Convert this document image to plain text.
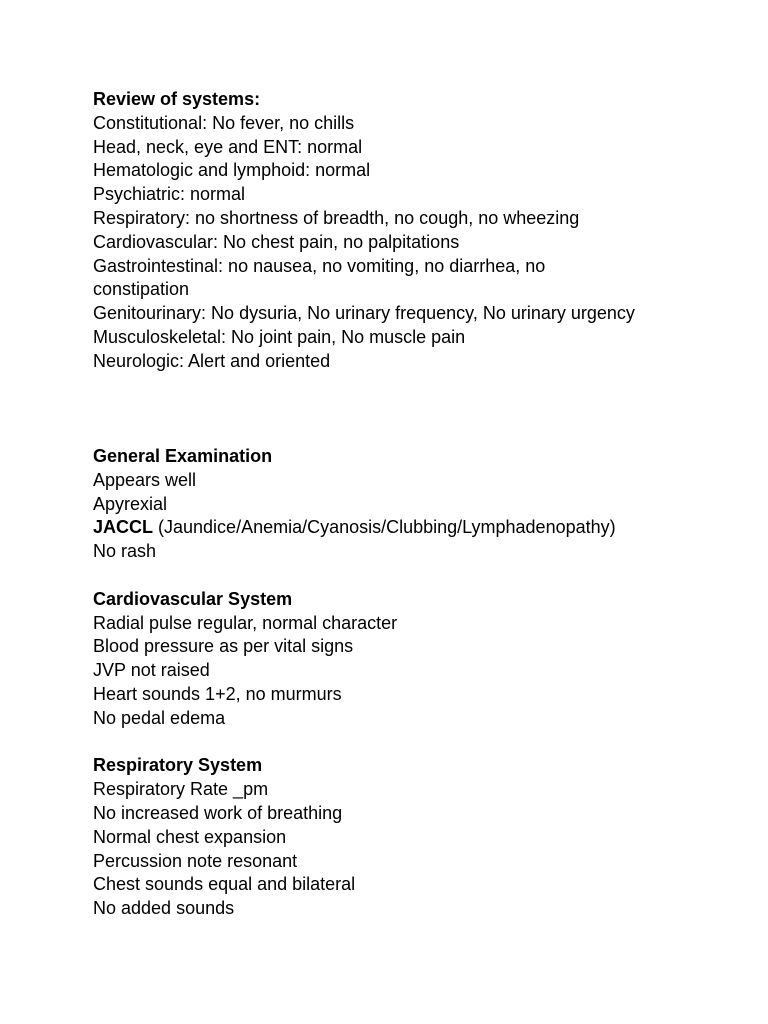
Review of systems:
Constitutional: No fever, no chills
Head, neck, eye and ENT: normal
Hematologic and lymphoid: normal
Psychiatric: normal
Respiratory: no shortness of breadth, no cough, no wheezing
Cardiovascular: No chest pain, no palpitations
Gastrointestinal: no nausea, no vomiting, no diarrhea, no
constipation
Genitourinary: No dysuria, No urinary frequency, No urinary urgency
Musculoskeletal: No joint pain, No muscle pain
Neurologic: Alert and oriented
General Examination
Appears well
Apyrexial
JACCL (Jaundice/Anemia/Cyanosis/Clubbing/Lymphadenopathy)
No rash
Cardiovascular System
Radial pulse regular, normal character
Blood pressure as per vital signs
JVP not raised
Heart sounds 1+2, no murmurs
No pedal edema
Respiratory System
Respiratory Rate _pm
No increased work of breathing
Normal chest expansion
Percussion note resonant
Chest sounds equal and bilateral
No added sounds
